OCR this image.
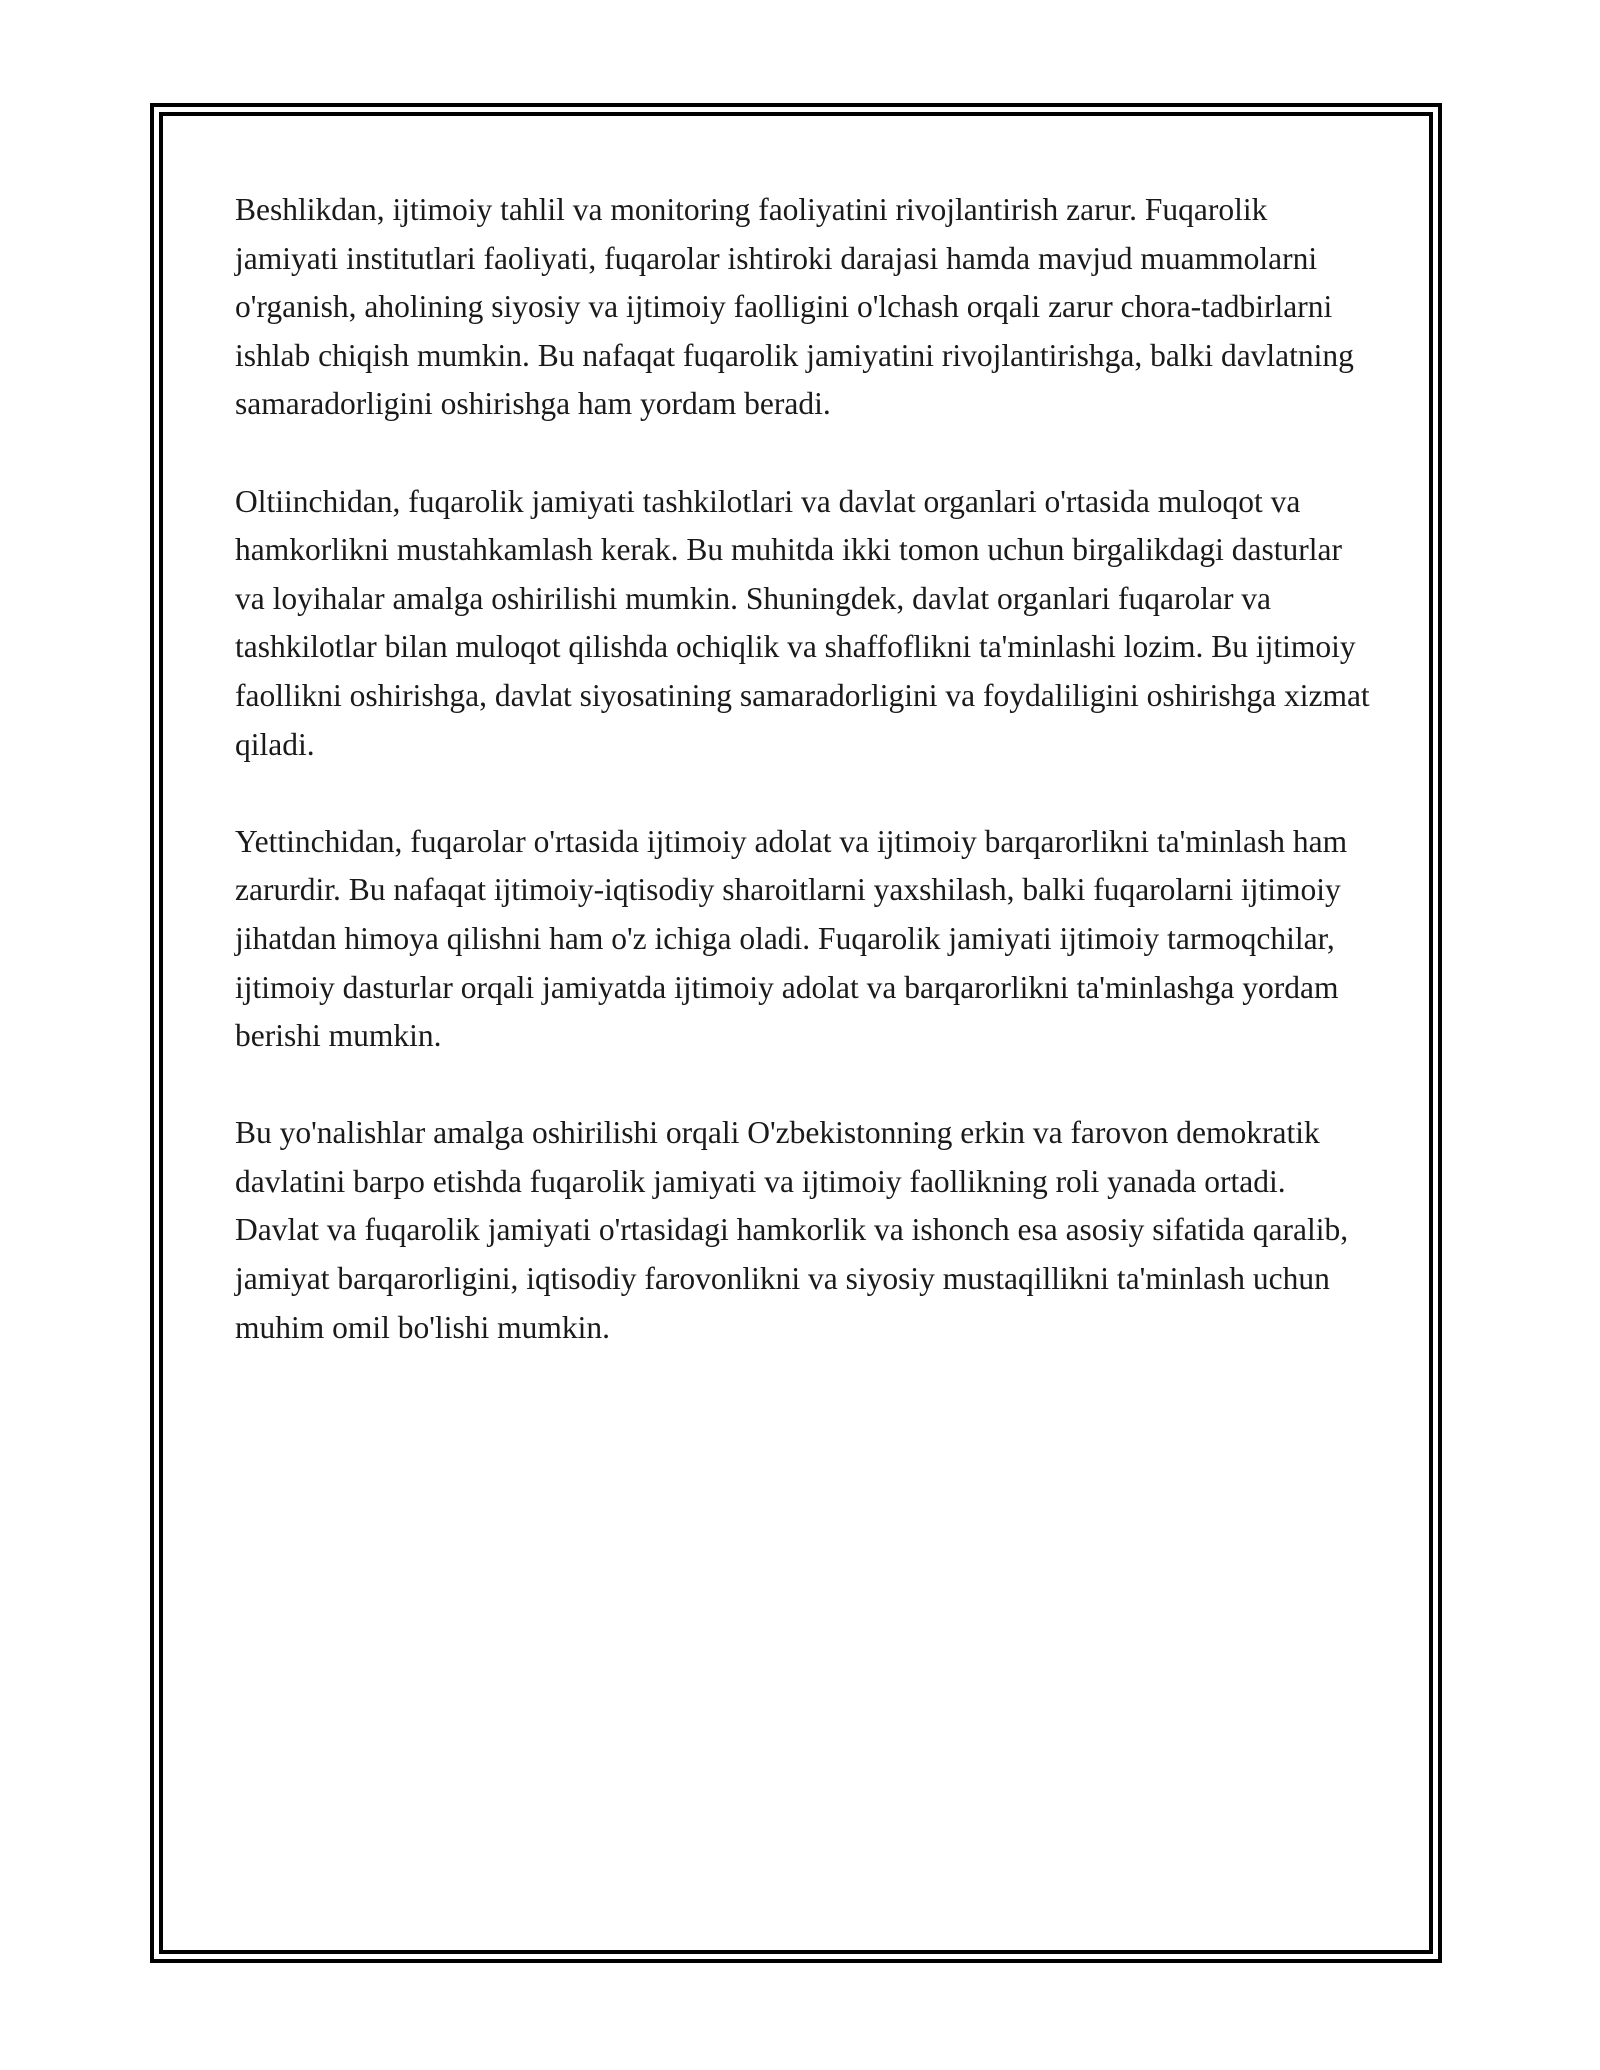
Beshlikdan, ijtimoiy tahlil va monitoring faoliyatini rivojlantirish zarur. Fuqarolik jamiyati institutlari faoliyati, fuqarolar ishtiroki darajasi hamda mavjud muammolarni o'rganish, aholining siyosiy va ijtimoiy faolligini o'lchash orqali zarur chora-tadbirlarni ishlab chiqish mumkin. Bu nafaqat fuqarolik jamiyatini rivojlantirishga, balki davlatning samaradorligini oshirishga ham yordam beradi.

Oltiinchidan, fuqarolik jamiyati tashkilotlari va davlat organlari o'rtasida muloqot va hamkorlikni mustahkamlash kerak. Bu muhitda ikki tomon uchun birgalikdagi dasturlar va loyihalar amalga oshirilishi mumkin. Shuningdek, davlat organlari fuqarolar va tashkilotlar bilan muloqot qilishda ochiqlik va shaffoflikni ta'minlashi lozim. Bu ijtimoiy faollikni oshirishga, davlat siyosatining samaradorligini va foydaliligini oshirishga xizmat qiladi.

Yettinchidan, fuqarolar o'rtasida ijtimoiy adolat va ijtimoiy barqarorlikni ta'minlash ham zarurdir. Bu nafaqat ijtimoiy-iqtisodiy sharoitlarni yaxshilash, balki fuqarolarni ijtimoiy jihatdan himoya qilishni ham o'z ichiga oladi. Fuqarolik jamiyati ijtimoiy tarmoqchilar, ijtimoiy dasturlar orqali jamiyatda ijtimoiy adolat va barqarorlikni ta'minlashga yordam berishi mumkin.

Bu yo'nalishlar amalga oshirilishi orqali O'zbekistonning erkin va farovon demokratik davlatini barpo etishda fuqarolik jamiyati va ijtimoiy faollikning roli yanada ortadi. Davlat va fuqarolik jamiyati o'rtasidagi hamkorlik va ishonch esa asosiy sifatida qaralib, jamiyat barqarorligini, iqtisodiy farovonlikni va siyosiy mustaqillikni ta'minlash uchun muhim omil bo'lishi mumkin.
